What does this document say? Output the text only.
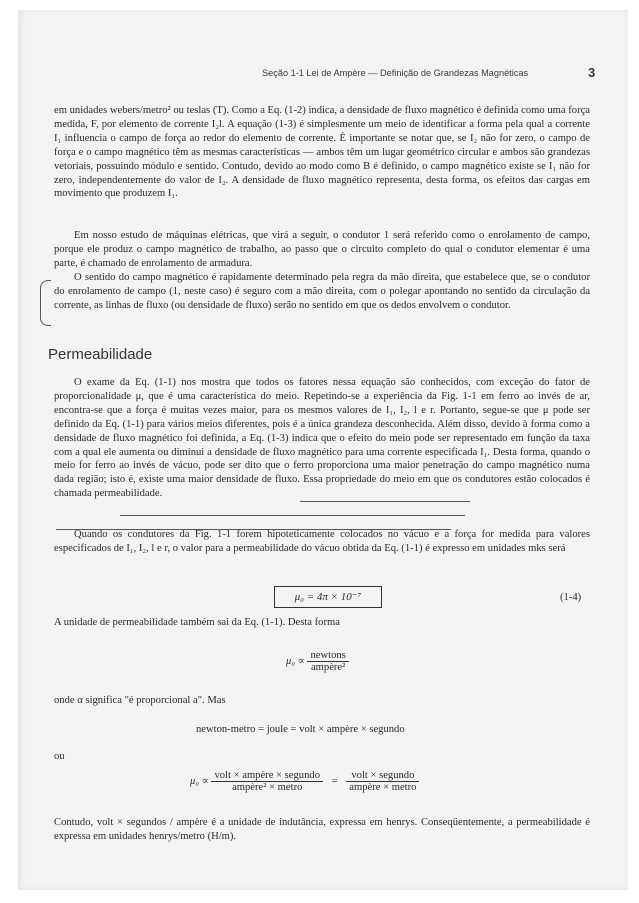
Seção 1-1 Lei de Ampère — Definição de Grandezas Magnéticas	3

em unidades webers/metro² ou teslas (T). Como a Eq. (1-2) indica, a densidade de fluxo magnético é definida como uma força medida, F, por elemento de corrente I₂l. A equação (1-3) é simplesmente um meio de identificar a forma pela qual a corrente I₁ influencia o campo de força ao redor do elemento de corrente. É importante se notar que, se I₂ não for zero, o campo de força e o campo magnético têm as mesmas características — ambos têm um lugar geométrico circular e ambos são grandezas vetoriais, possuindo módulo e sentido. Contudo, devido ao modo como B é definido, o campo magnético existe se I₁ não for zero, independentemente do valor de I₂. A densidade de fluxo magnético representa, desta forma, os efeitos das cargas em movimento que produzem I₁.

Em nosso estudo de máquinas elétricas, que virá a seguir, o condutor 1 será referido como o enrolamento de campo, porque ele produz o campo magnético de trabalho, ao passo que o circuito completo do qual o condutor elementar é uma parte, é chamado de enrolamento de armadura.

O sentido do campo magnético é rapidamente determinado pela regra da mão direita, que estabelece que, se o condutor do enrolamento de campo (1, neste caso) é seguro com a mão direita, com o polegar apontando no sentido da circulação da corrente, as linhas de fluxo (ou densidade de fluxo) serão no sentido em que os dedos envolvem o condutor.

Permeabilidade

O exame da Eq. (1-1) nos mostra que todos os fatores nessa equação são conhecidos, com exceção do fator de proporcionalidade μ, que é uma característica do meio. Repetindo-se a experiência da Fig. 1-1 em ferro ao invés de ar, encontra-se que a força é muitas vezes maior, para os mesmos valores de I₁, I₂, l e r. Portanto, segue-se que μ pode ser definido da Eq. (1-1) para vários meios diferentes, pois é a única grandeza desconhecida. Além disso, devido à forma como a densidade de fluxo magnético foi definida, a Eq. (1-3) indica que o efeito do meio pode ser representado em função da taxa com a qual ele aumenta ou diminui a densidade de fluxo magnético para uma corrente especificada I₁. Desta forma, quando o meio for ferro ao invés de vácuo, pode ser dito que o ferro proporciona uma maior penetração do campo magnético numa dada região; isto é, existe uma maior densidade de fluxo. Essa propriedade do meio em que os condutores estão colocados é chamada permeabilidade.

Quando os condutores da Fig. 1-1 forem hipoteticamente colocados no vácuo e a força for medida para valores especificados de I₁, I₂, l e r, o valor para a permeabilidade do vácuo obtida da Eq. (1-1) é expresso em unidades mks será

μ₀ = 4π × 10⁻⁷	(1-4)
A unidade de permeabilidade também sai da Eq. (1-1). Desta forma
$\mu_0 \propto \frac{\text{newtons}}{\text{ampère²}}$
onde α significa "é proporcional a". Mas
newton-metro = joule = volt × ampère × segundo
ou
$\mu_0 \propto \frac{\text{volt × ampère × segundo}}{\text{ampère² × metro}} = \frac{\text{volt × segundo}}{\text{ampère × metro}}$

Contudo, volt × segundos / ampère é a unidade de indutância, expressa em henrys. Conseqüentemente, a permeabilidade é expressa em unidades henrys/metro (H/m).
